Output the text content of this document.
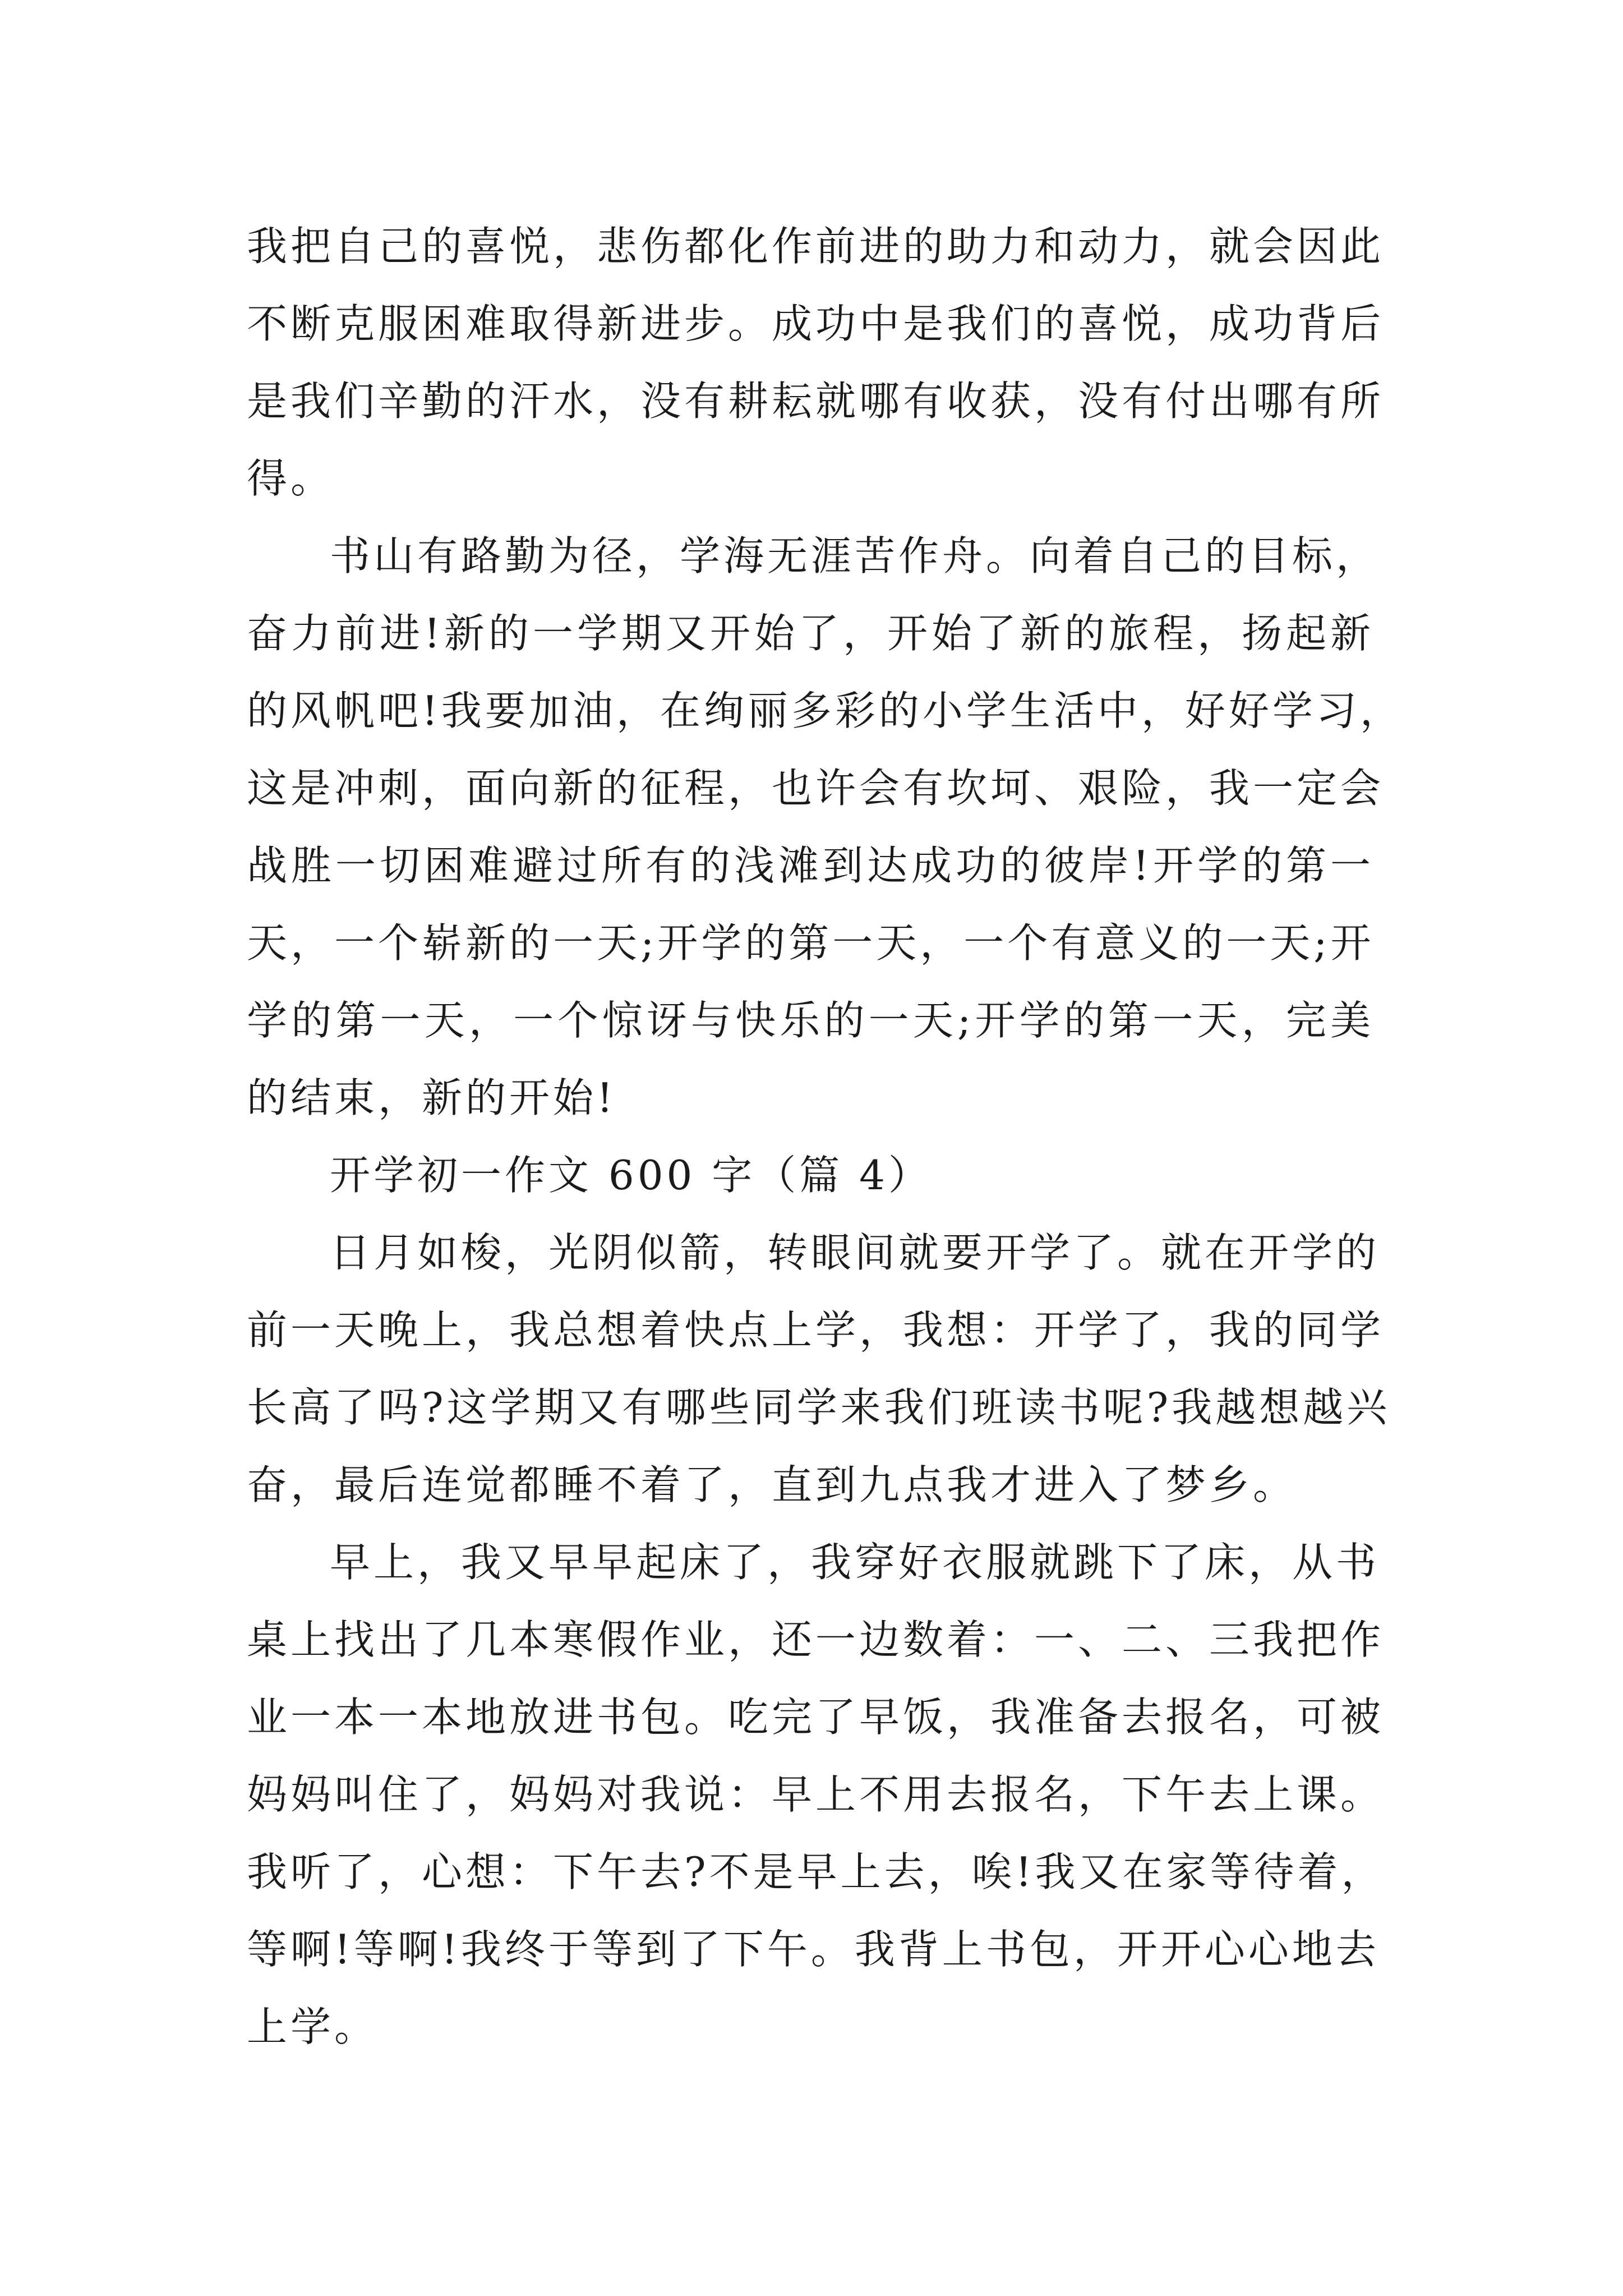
我把自己的喜悦，悲伤都化作前进的助力和动力，就会因此
不断克服困难取得新进步。成功中是我们的喜悦，成功背后
是我们辛勤的汗水，没有耕耘就哪有收获，没有付出哪有所
得。
书山有路勤为径，学海无涯苦作舟。向着自己的目标，
奋力前进!新的一学期又开始了，开始了新的旅程，扬起新
的风帆吧!我要加油，在绚丽多彩的小学生活中，好好学习，
这是冲刺，面向新的征程，也许会有坎坷、艰险，我一定会
战胜一切困难避过所有的浅滩到达成功的彼岸!开学的第一
天，一个崭新的一天;开学的第一天，一个有意义的一天;开
学的第一天，一个惊讶与快乐的一天;开学的第一天，完美
的结束，新的开始!
开学初一作文 600 字（篇 4）
日月如梭，光阴似箭，转眼间就要开学了。就在开学的
前一天晚上，我总想着快点上学，我想：开学了，我的同学
长高了吗?这学期又有哪些同学来我们班读书呢?我越想越兴
奋，最后连觉都睡不着了，直到九点我才进入了梦乡。
早上，我又早早起床了，我穿好衣服就跳下了床，从书
桌上找出了几本寒假作业，还一边数着：一、二、三我把作
业一本一本地放进书包。吃完了早饭，我准备去报名，可被
妈妈叫住了，妈妈对我说：早上不用去报名，下午去上课。
我听了，心想：下午去?不是早上去，唉!我又在家等待着，
等啊!等啊!我终于等到了下午。我背上书包，开开心心地去
上学。
